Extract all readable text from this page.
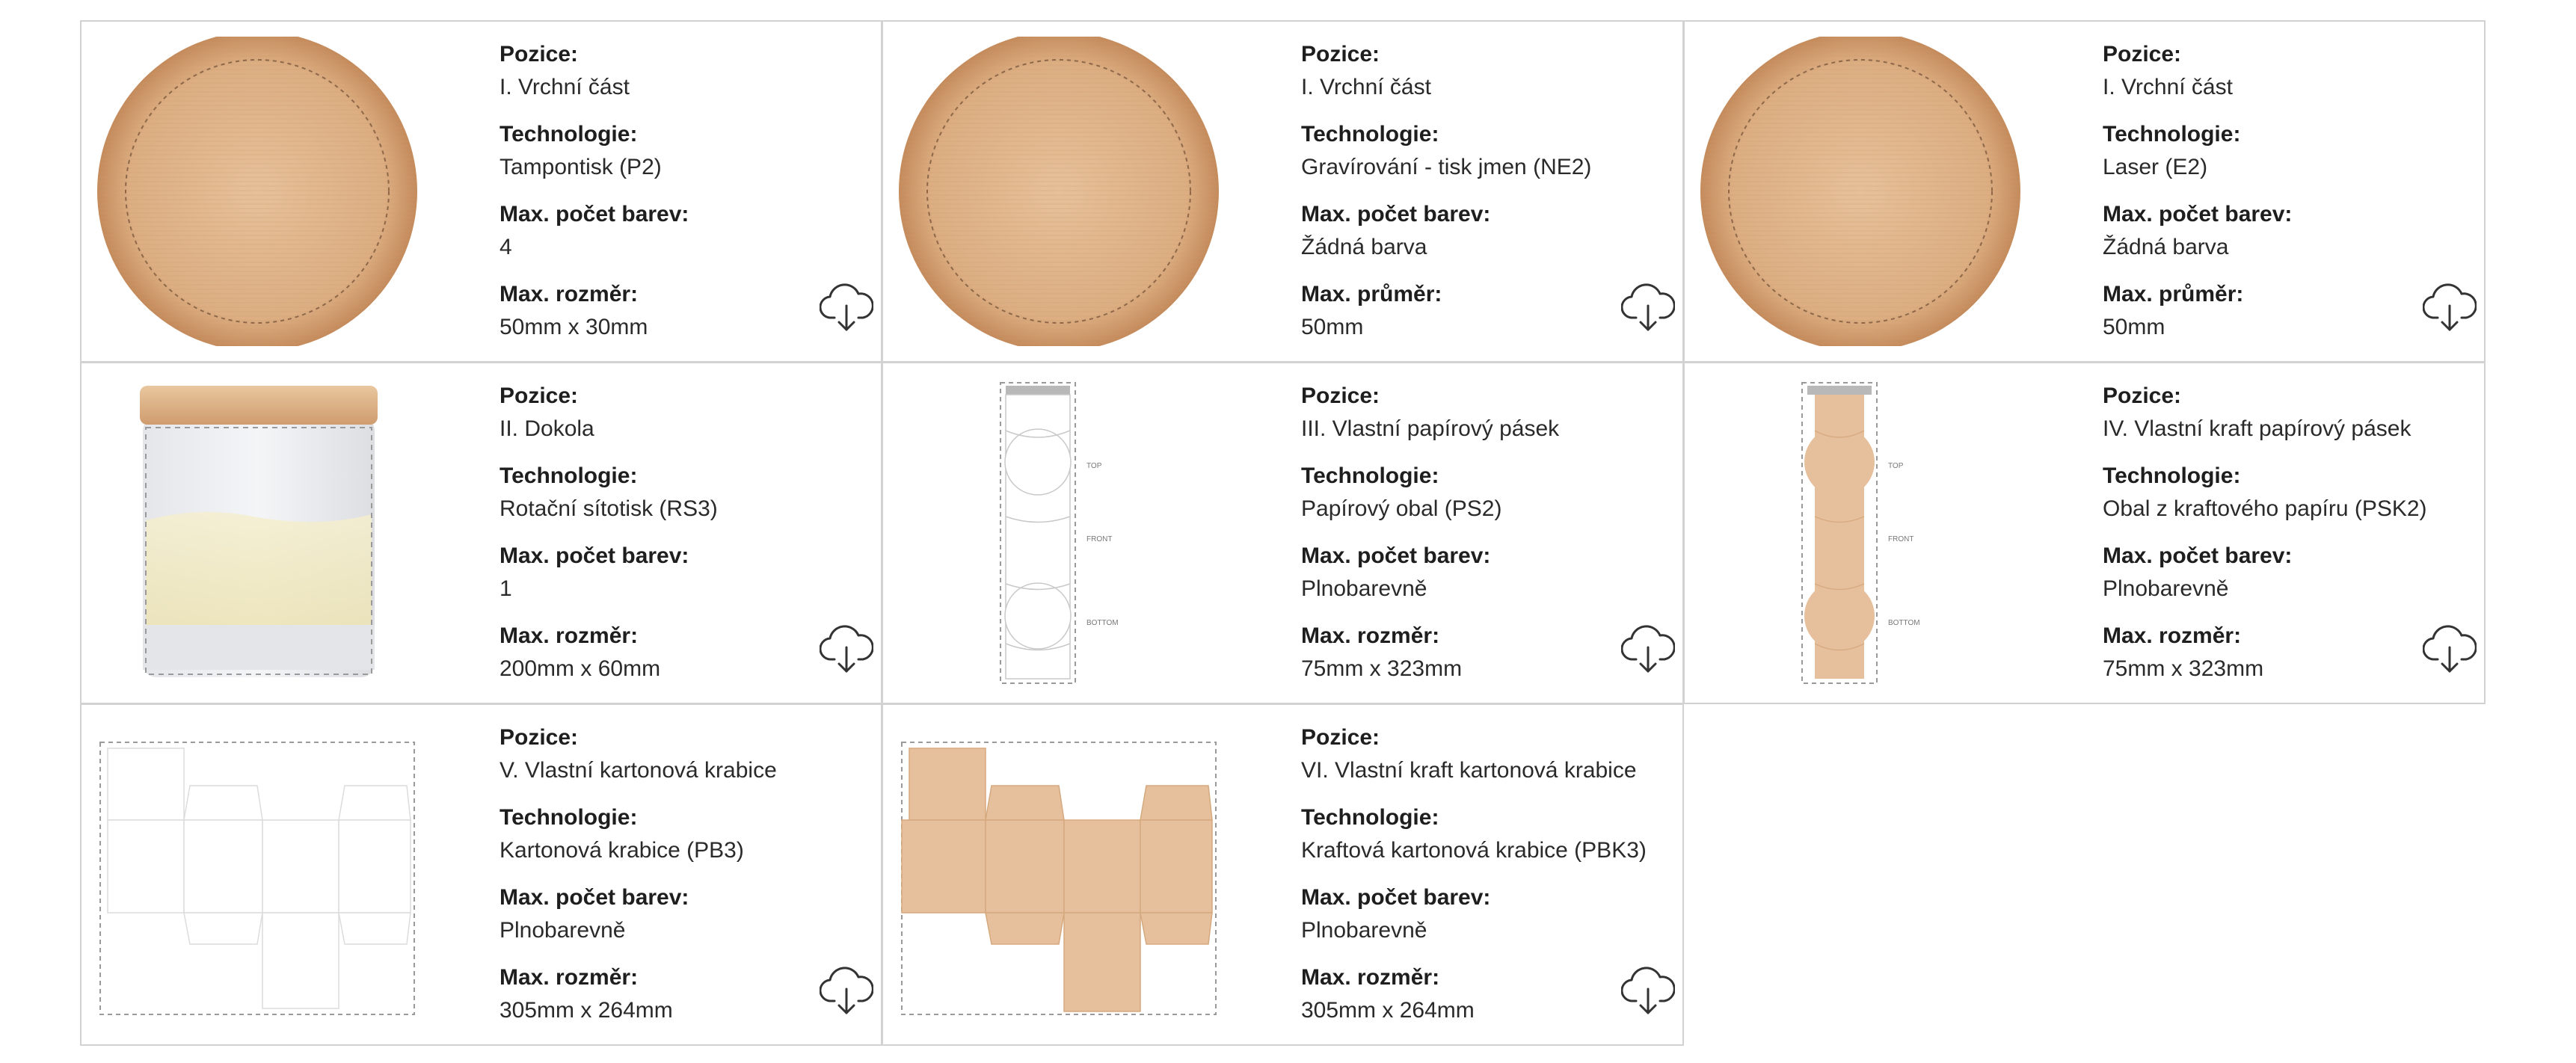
Pozice:
I. Vrchní část
Technologie:
Tampontisk (P2)
Max. počet barev:
4
Max. rozměr:
50mm x 30mm
Pozice:
I. Vrchní část
Technologie:
Gravírování - tisk jmen (NE2)
Max. počet barev:
Žádná barva
Max. průměr:
50mm
Pozice:
I. Vrchní část
Technologie:
Laser (E2)
Max. počet barev:
Žádná barva
Max. průměr:
50mm
Pozice:
II. Dokola
Technologie:
Rotační sítotisk (RS3)
Max. počet barev:
1
Max. rozměr:
200mm x 60mm
TOP
FRONT
BOTTOM
Pozice:
III. Vlastní papírový pásek
Technologie:
Papírový obal (PS2)
Max. počet barev:
Plnobarevně
Max. rozměr:
75mm x 323mm
TOP
FRONT
BOTTOM
Pozice:
IV. Vlastní kraft papírový pásek
Technologie:
Obal z kraftového papíru (PSK2)
Max. počet barev:
Plnobarevně
Max. rozměr:
75mm x 323mm
Pozice:
V. Vlastní kartonová krabice
Technologie:
Kartonová krabice (PB3)
Max. počet barev:
Plnobarevně
Max. rozměr:
305mm x 264mm
Pozice:
VI. Vlastní kraft kartonová krabice
Technologie:
Kraftová kartonová krabice (PBK3)
Max. počet barev:
Plnobarevně
Max. rozměr:
305mm x 264mm
